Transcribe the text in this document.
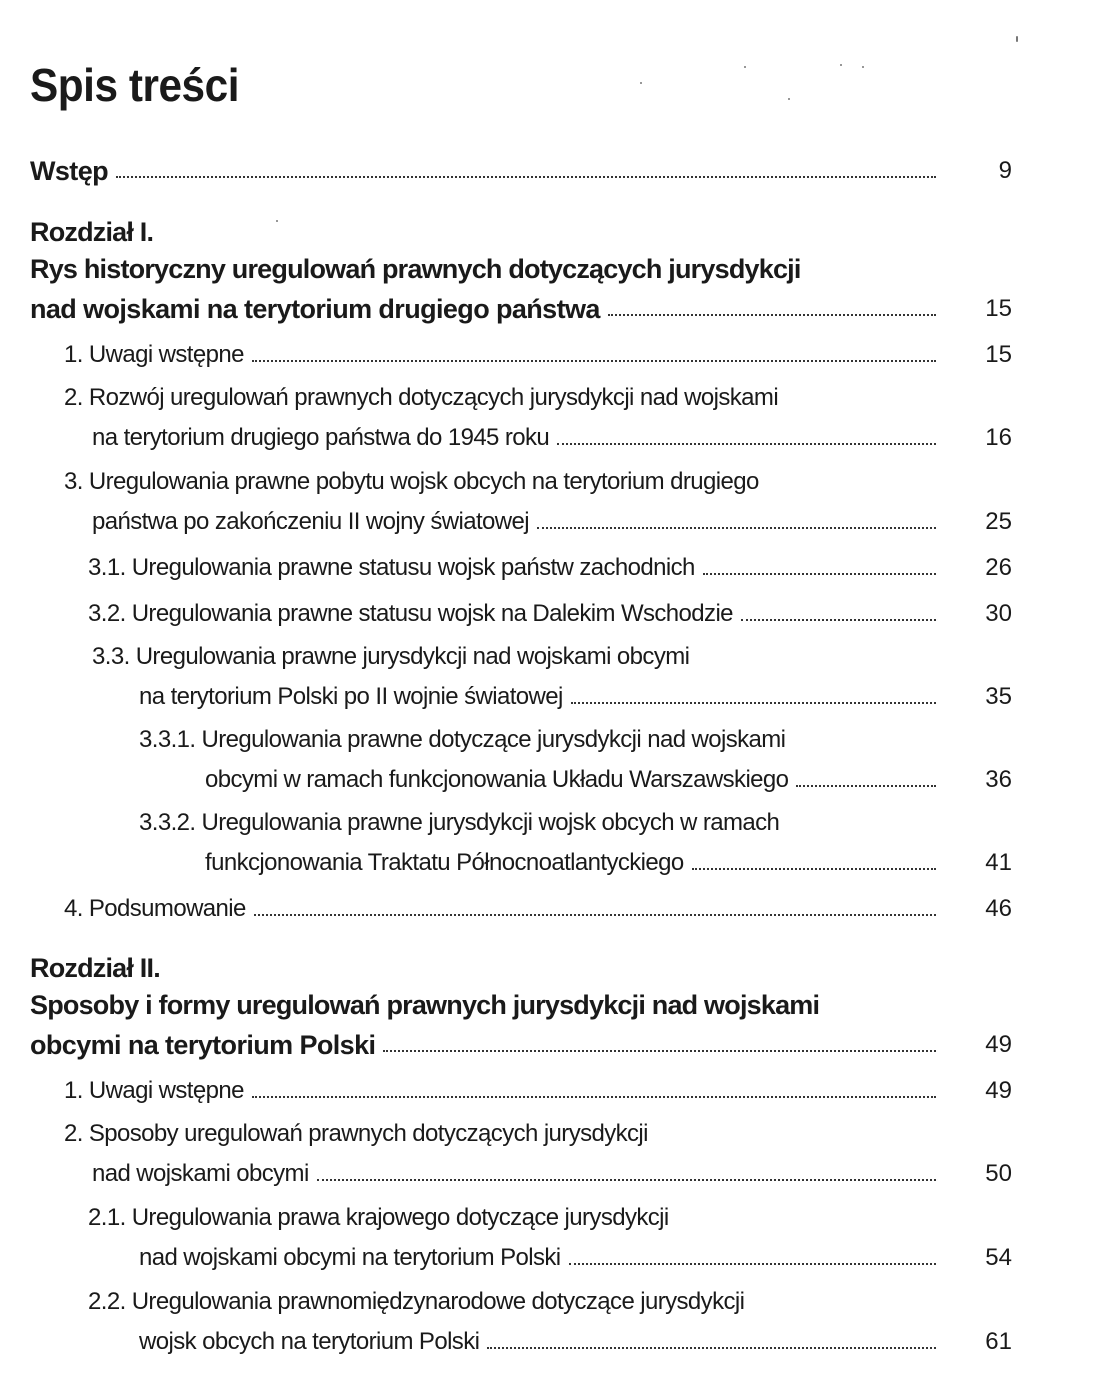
Spis treści
Wstęp	9
Rozdział I.
Rys historyczny uregulowań prawnych dotyczących jurysdykcji
nad wojskami na terytorium drugiego państwa	15
1. Uwagi wstępne	15
2. Rozwój uregulowań prawnych dotyczących jurysdykcji nad wojskami
na terytorium drugiego państwa do 1945 roku	16
3. Uregulowania prawne pobytu wojsk obcych na terytorium drugiego
państwa po zakończeniu II wojny światowej	25
3.1. Uregulowania prawne statusu wojsk państw zachodnich	26
3.2. Uregulowania prawne statusu wojsk na Dalekim Wschodzie	30
3.3. Uregulowania prawne jurysdykcji nad wojskami obcymi
na terytorium Polski po II wojnie światowej	35
3.3.1. Uregulowania prawne dotyczące jurysdykcji nad wojskami
obcymi w ramach funkcjonowania Układu Warszawskiego	36
3.3.2. Uregulowania prawne jurysdykcji wojsk obcych w ramach
funkcjonowania Traktatu Północnoatlantyckiego	41
4. Podsumowanie	46
Rozdział II.
Sposoby i formy uregulowań prawnych jurysdykcji nad wojskami
obcymi na terytorium Polski	49
1. Uwagi wstępne	49
2. Sposoby uregulowań prawnych dotyczących jurysdykcji
nad wojskami obcymi	50
2.1. Uregulowania prawa krajowego dotyczące jurysdykcji
nad wojskami obcymi na terytorium Polski	54
2.2. Uregulowania prawnomiędzynarodowe dotyczące jurysdykcji
wojsk obcych na terytorium Polski	61
